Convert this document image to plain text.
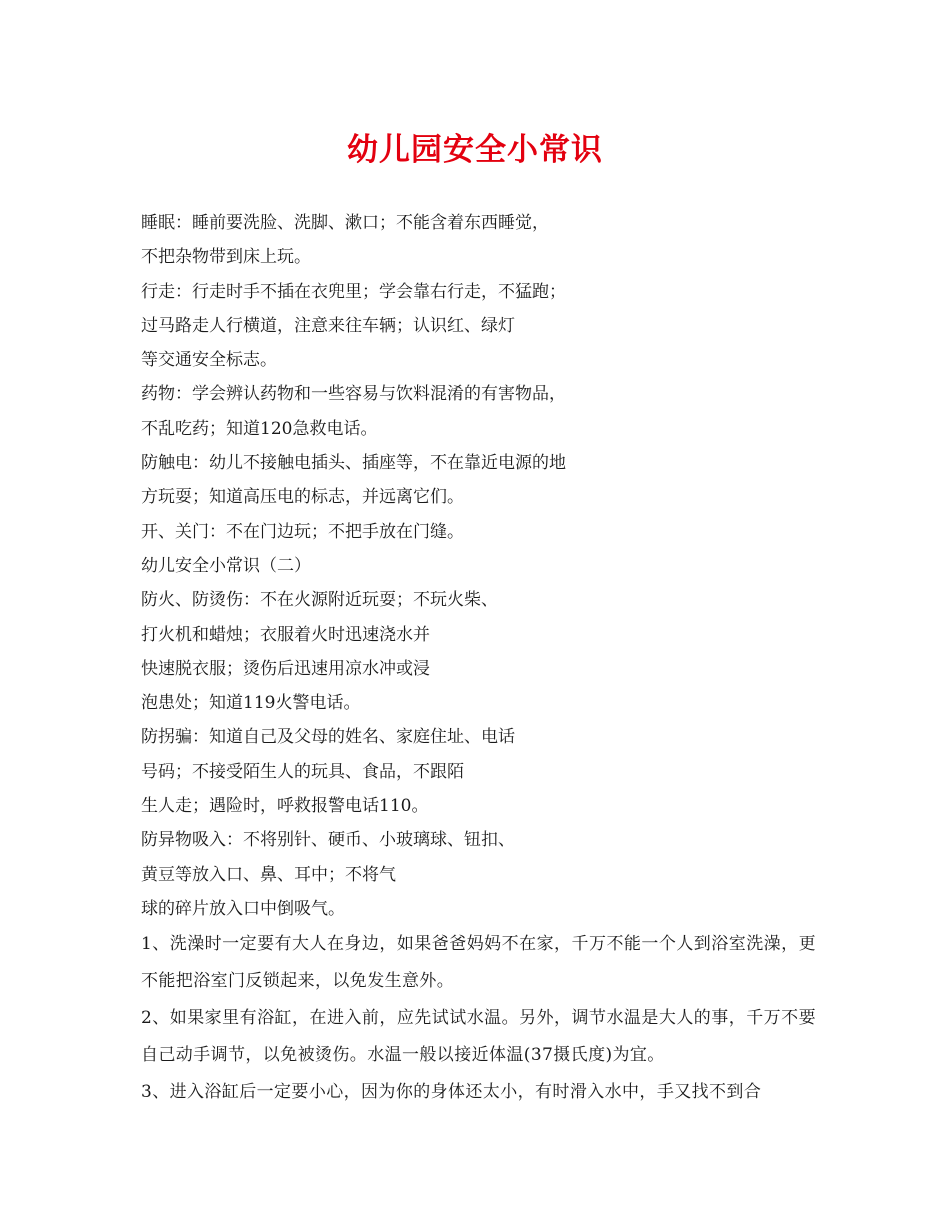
幼儿园安全小常识

睡眠：睡前要洗脸、洗脚、漱口；不能含着东西睡觉，

不把杂物带到床上玩。

行走：行走时手不插在衣兜里；学会靠右行走，不猛跑；

过马路走人行横道，注意来往车辆；认识红、绿灯

等交通安全标志。

药物：学会辨认药物和一些容易与饮料混淆的有害物品，

不乱吃药；知道120急救电话。

防触电：幼儿不接触电插头、插座等，不在靠近电源的地

方玩耍；知道高压电的标志，并远离它们。

开、关门：不在门边玩；不把手放在门缝。

幼儿安全小常识（二）

防火、防烫伤：不在火源附近玩耍；不玩火柴、

打火机和蜡烛；衣服着火时迅速浇水并

快速脱衣服；烫伤后迅速用凉水冲或浸

泡患处；知道119火警电话。

防拐骗：知道自己及父母的姓名、家庭住址、电话

号码；不接受陌生人的玩具、食品，不跟陌

生人走；遇险时，呼救报警电话110。

防异物吸入：不将别针、硬币、小玻璃球、钮扣、

黄豆等放入口、鼻、耳中；不将气

球的碎片放入口中倒吸气。

1、洗澡时一定要有大人在身边，如果爸爸妈妈不在家，千万不能一个人到浴室洗澡，更不能把浴室门反锁起来，以免发生意外。

2、如果家里有浴缸，在进入前，应先试试水温。另外，调节水温是大人的事，千万不要自己动手调节，以免被烫伤。水温一般以接近体温(37摄氏度)为宜。

3、进入浴缸后一定要小心，因为你的身体还太小，有时滑入水中，手又找不到合
